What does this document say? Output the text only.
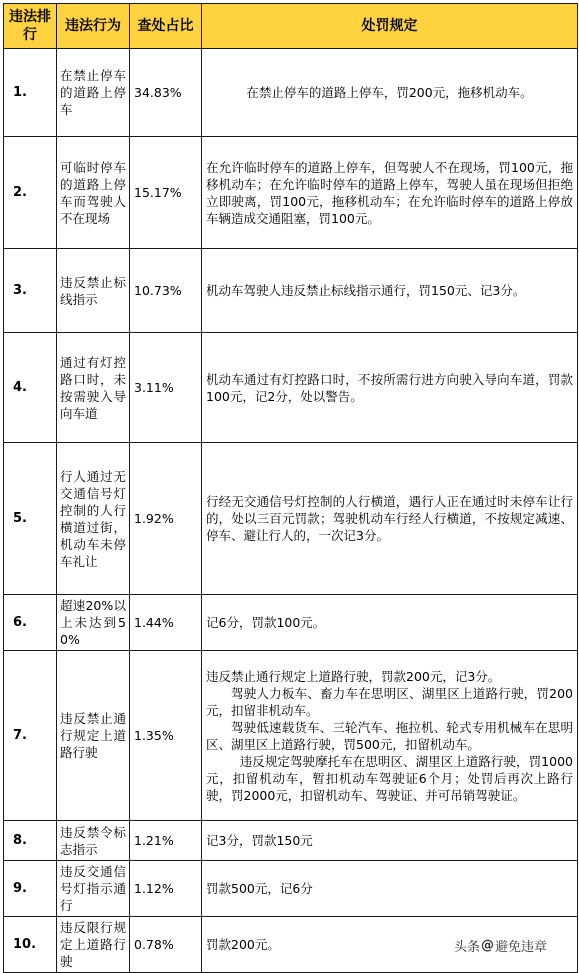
违法排行	违法行为	查处占比	处罚规定
1.	在禁止停车的道路上停车	34.83%	在禁止停车的道路上停车，罚200元，拖移机动车。

2.	可临时停车的道路上停车而驾驶人不在现场	15.17%	在允许临时停车的道路上停车，但驾驶人不在现场，罚100元，拖移机动车；在允许临时停车的道路上停车，驾驶人虽在现场但拒绝立即驶离，罚100元，拖移机动车；在允许临时停车的道路上停放车辆造成交通阻塞，罚100元。

3.	违反禁止标线指示	10.73%	机动车驾驶人违反禁止标线指示通行，罚150元、记3分。

4.	通过有灯控路口时，未按需驶入导向车道	3.11%	机动车通过有灯控路口时，不按所需行进方向驶入导向车道，罚款100元，记2分，处以警告。

5.	行人通过无交通信号灯控制的人行横道过街，机动车未停车礼让	1.92%	行经无交通信号灯控制的人行横道，遇行人正在通过时未停车让行的，处以三百元罚款；驾驶机动车行经人行横道，不按规定减速、停车、避让行人的，一次记3分。

6.	超速20%以上未达到50%	1.44%	记6分，罚款100元。

7.	违反禁止通行规定上道路行驶	1.35%	违反禁止通行规定上道路行驶，罚款200元，记3分。
驾驶人力板车、畜力车在思明区、湖里区上道路行驶，罚200元，扣留非机动车。
驾驶低速载货车、三轮汽车、拖拉机、轮式专用机械车在思明区、湖里区上道路行驶，罚500元，扣留机动车。
违反规定驾驶摩托车在思明区、湖里区上道路行驶，罚1000元，扣留机动车，暂扣机动车驾驶证6个月；处罚后再次上路行驶，罚2000元，扣留机动车、驾驶证、并可吊销驾驶证。

8.	违反禁令标志指示	1.21%	记3分，罚款150元

9.	违反交通信号灯指示通行	1.12%	罚款500元，记6分

10.	违反限行规定上道路行驶	0.78%	罚款200元。	头条 @ 避免违章
